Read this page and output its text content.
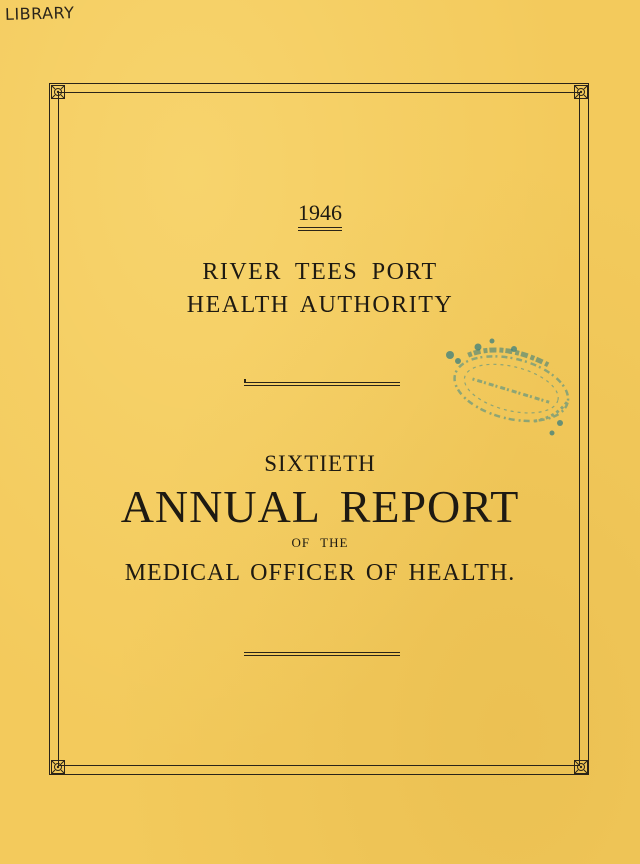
LIBRARY
1946
RIVER TEES PORT
HEALTH AUTHORITY
SIXTIETH
ANNUAL REPORT
OF THE
MEDICAL OFFICER OF HEALTH.
